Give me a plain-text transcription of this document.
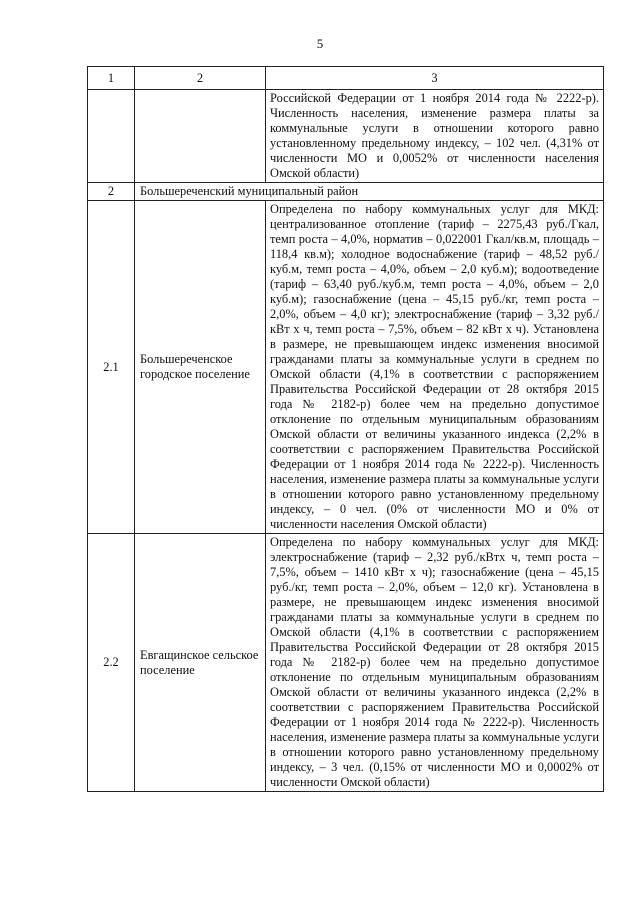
5
1	2	3
		Российской Федерации от 1 ноября 2014 года № 2222-р). Численность населения, изменение размера платы за коммунальные услуги в отношении которого равно установленному предельному индексу, – 102 чел. (4,31% от численности МО и 0,0052% от численности населения Омской области)
2	Большереченский муниципальный район	
2.1	Большереченское городское поселение	Определена по набору коммунальных услуг для МКД: централизованное отопление (тариф – 2275,43 руб./Гкал, темп роста – 4,0%, норматив – 0,022001 Гкал/кв.м, площадь – 118,4 кв.м); холодное водоснабжение (тариф – 48,52 руб./куб.м, темп роста – 4,0%, объем – 2,0 куб.м); водоотведение (тариф – 63,40 руб./куб.м, темп роста – 4,0%, объем – 2,0 куб.м); газоснабжение (цена – 45,15 руб./кг, темп роста – 2,0%, объем – 4,0 кг); электроснабжение (тариф – 3,32 руб./кВт х ч, темп роста – 7,5%, объем – 82 кВт х ч). Установлена в размере, не превышающем индекс изменения вносимой гражданами платы за коммунальные услуги в среднем по Омской области (4,1% в соответствии с распоряжением Правительства Российской Федерации от 28 октября 2015 года № 2182-р) более чем на предельно допустимое отклонение по отдельным муниципальным образованиям Омской области от величины указанного индекса (2,2% в соответствии с распоряжением Правительства Российской Федерации от 1 ноября 2014 года № 2222-р). Численность населения, изменение размера платы за коммунальные услуги в отношении которого равно установленному предельному индексу, – 0 чел. (0% от численности МО и 0% от численности населения Омской области)
2.2	Евгащинское сельское поселение	Определена по набору коммунальных услуг для МКД: электроснабжение (тариф – 2,32 руб./кВтх ч, темп роста – 7,5%, объем – 1410 кВт х ч); газоснабжение (цена – 45,15 руб./кг, темп роста – 2,0%, объем – 12,0 кг). Установлена в размере, не превышающем индекс изменения вносимой гражданами платы за коммунальные услуги в среднем по Омской области (4,1% в соответствии с распоряжением Правительства Российской Федерации от 28 октября 2015 года № 2182-р) более чем на предельно допустимое отклонение по отдельным муниципальным образованиям Омской области от величины указанного индекса (2,2% в соответствии с распоряжением Правительства Российской Федерации от 1 ноября 2014 года № 2222-р). Численность населения, изменение размера платы за коммунальные услуги в отношении которого равно установленному предельному индексу, – 3 чел. (0,15% от численности МО и 0,0002% от численности Омской области)
